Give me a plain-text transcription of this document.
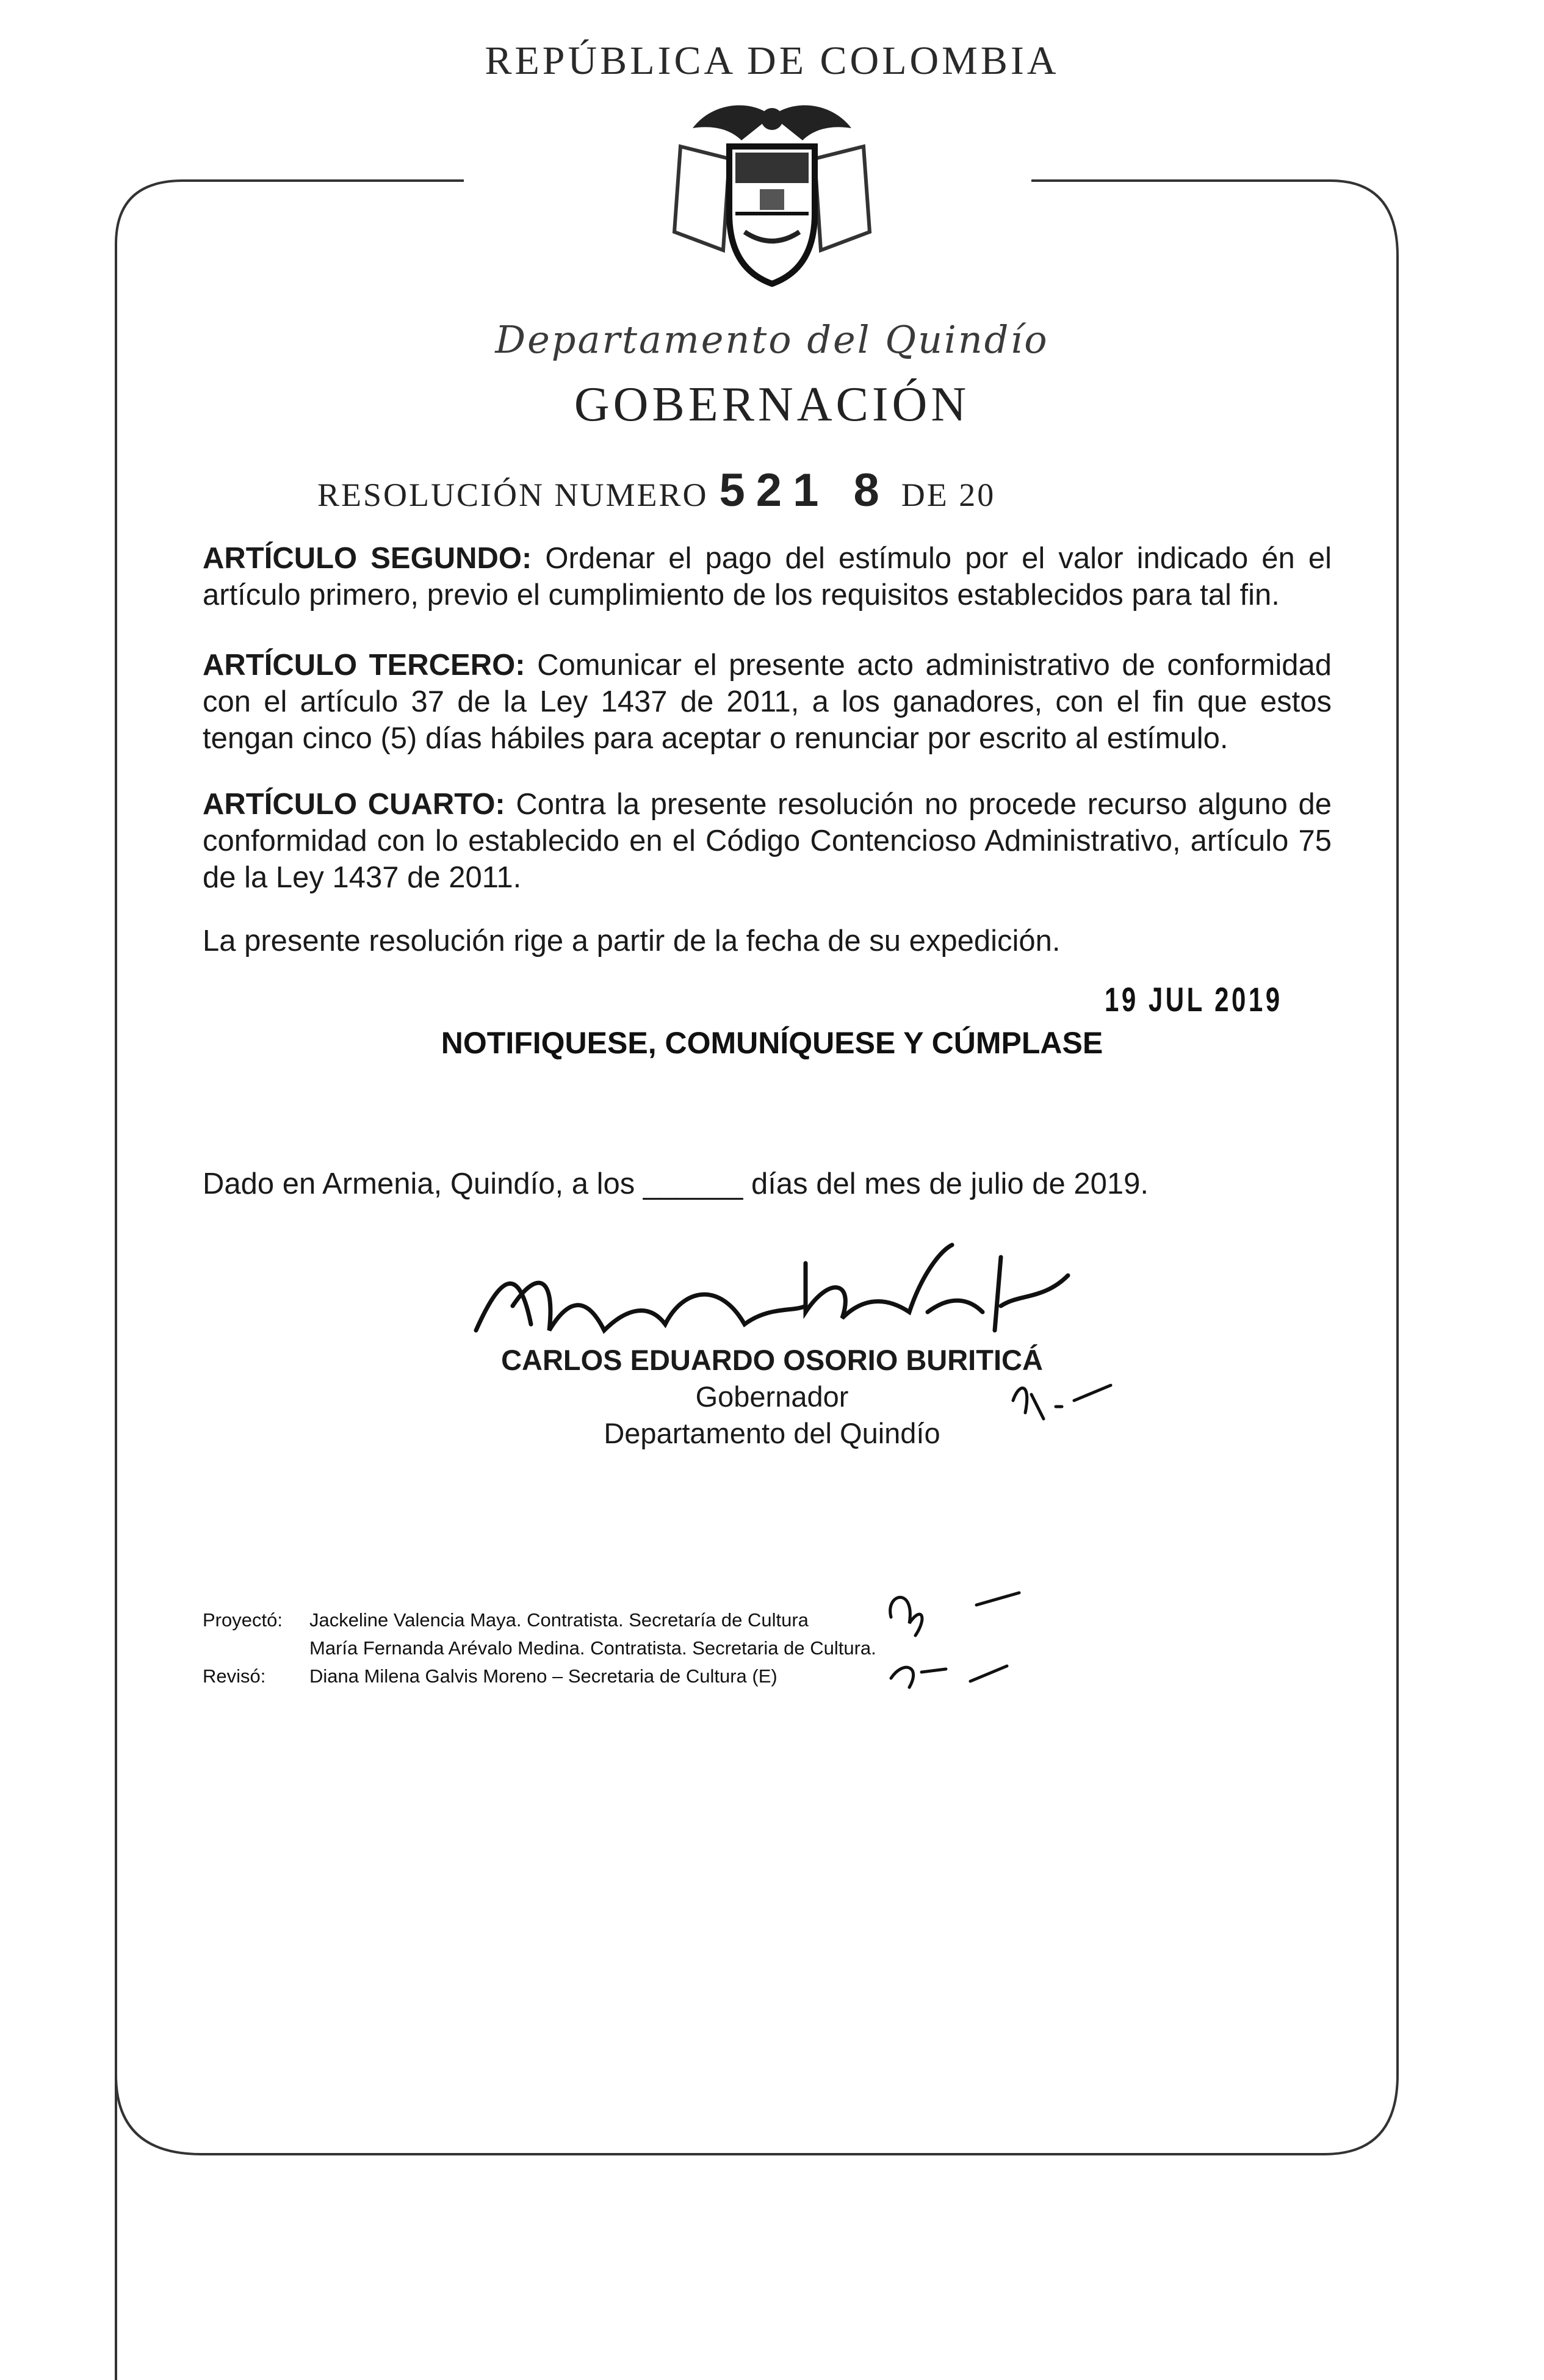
REPÚBLICA DE COLOMBIA
Departamento del Quindío
GOBERNACIÓN
RESOLUCIÓN NUMERO 521 8 DE 20
ARTÍCULO SEGUNDO: Ordenar el pago del estímulo por el valor indicado én el artículo primero, previo el cumplimiento de los requisitos establecidos para tal fin.
ARTÍCULO TERCERO: Comunicar el presente acto administrativo de conformidad con el artículo 37 de la Ley 1437 de 2011, a los ganadores, con el fin que estos tengan cinco (5) días hábiles para aceptar o renunciar por escrito al estímulo.
ARTÍCULO CUARTO: Contra la presente resolución no procede recurso alguno de conformidad con lo establecido en el Código Contencioso Administrativo, artículo 75 de la Ley 1437 de 2011.
La presente resolución rige a partir de la fecha de su expedición.
19 JUL 2019
NOTIFIQUESE, COMUNÍQUESE Y CÚMPLASE
Dado en Armenia, Quindío, a los ______ días del mes de julio de 2019.
CARLOS EDUARDO OSORIO BURITICÁ
Gobernador
Departamento del Quindío
Proyectó: Jackeline Valencia Maya. Contratista. Secretaría de Cultura
María Fernanda Arévalo Medina. Contratista. Secretaria de Cultura.
Revisó: Diana Milena Galvis Moreno – Secretaria de Cultura (E)
